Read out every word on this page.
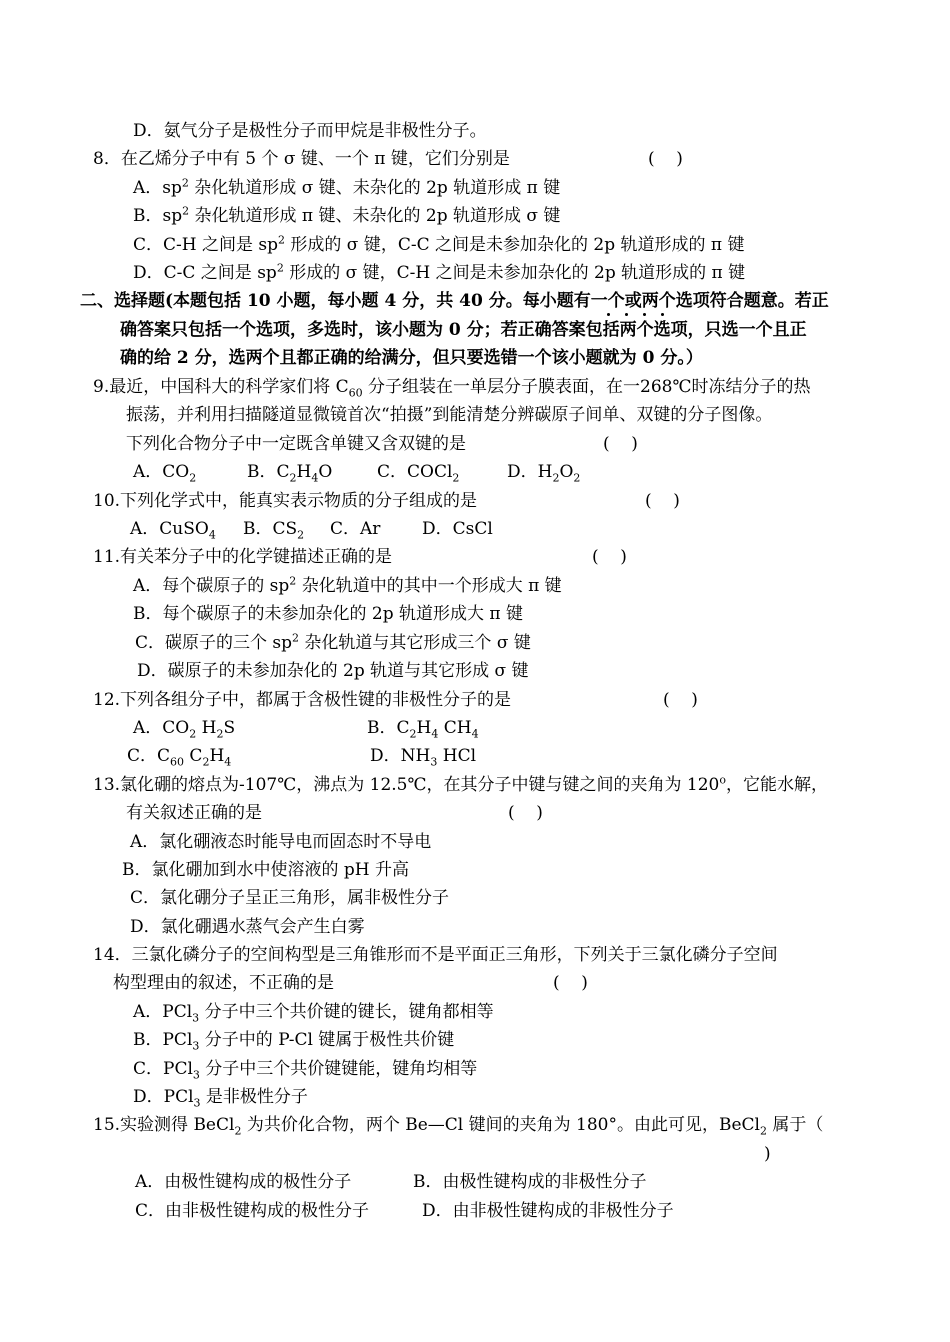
D．氨气分子是极性分子而甲烷是非极性分子。
8．在乙烯分子中有 5 个 σ 键、一个 π 键，它们分别是	(    )
A．$sp^2$ 杂化轨道形成 σ 键、未杂化的 2p 轨道形成 π 键
B．$sp^2$ 杂化轨道形成 π 键、未杂化的 2p 轨道形成 σ 键
C．C-H 之间是 $sp^2$ 形成的 σ 键，C-C 之间是未参加杂化的 2p 轨道形成的 π 键
D．C-C 之间是 $sp^2$ 形成的 σ 键，C-H 之间是未参加杂化的 2p 轨道形成的 π 键
二、选择题(本题包括 10 小题，每小题 4 分，共 40 分。每小题有一个或两个选项符合题意。若正
确答案只包括一个选项，多选时，该小题为 0 分；若正确答案包括两个选项，只选一个且正
确的给 2 分，选两个且都正确的给满分，但只要选错一个该小题就为 0 分。）
9.最近，中国科大的科学家们将 $C_{60}$ 分子组装在一单层分子膜表面，在一268℃时冻结分子的热
振荡，并利用扫描隧道显微镜首次“拍摄”到能清楚分辨碳原子间单、双键的分子图像。
下列化合物分子中一定既含单键又含双键的是	(    )
A．$CO_2$	B．$C_2H_4O$	C．COCl$_2$	D．$H_2O_2$
10.下列化学式中，能真实表示物质的分子组成的是	(    )
A．CuSO$_4$ B．$CS_2$ C．Ar D．CsCl
11.有关苯分子中的化学键描述正确的是	(    )
A．每个碳原子的 $sp^2$ 杂化轨道中的其中一个形成大 π 键
B．每个碳原子的未参加杂化的 2p 轨道形成大 π 键
C．碳原子的三个 $sp^2$ 杂化轨道与其它形成三个 σ 键
D．碳原子的未参加杂化的 2p 轨道与其它形成 σ 键
12.下列各组分子中，都属于含极性键的非极性分子的是	(    )
A．$CO_2$ $H_2S$	B．$C_2H_4$ $CH_4$
C．$C_{60}$ $C_2H_4$	D．$NH_3$ HCl
13.氯化硼的熔点为-107℃，沸点为 12.5℃，在其分子中键与键之间的夹角为 120$^o$，它能水解，
有关叙述正确的是	(    )
A．氯化硼液态时能导电而固态时不导电
B．氯化硼加到水中使溶液的 pH 升高
C．氯化硼分子呈正三角形，属非极性分子
D．氯化硼遇水蒸气会产生白雾
14．三氯化磷分子的空间构型是三角锥形而不是平面正三角形，下列关于三氯化磷分子空间
构型理由的叙述，不正确的是	(    )
A．PCl$_3$ 分子中三个共价键的键长，键角都相等
B．PCl$_3$ 分子中的 P-Cl 键属于极性共价键
C．PCl$_3$ 分子中三个共价键键能，键角均相等
D．PCl$_3$ 是非极性分子
15.实验测得 BeCl$_2$ 为共价化合物，两个 Be—Cl 键间的夹角为 180°。由此可见，BeCl$_2$ 属于（
)
A．由极性键构成的极性分子	B．由极性键构成的非极性分子
C．由非极性键构成的极性分子	D．由非极性键构成的非极性分子
